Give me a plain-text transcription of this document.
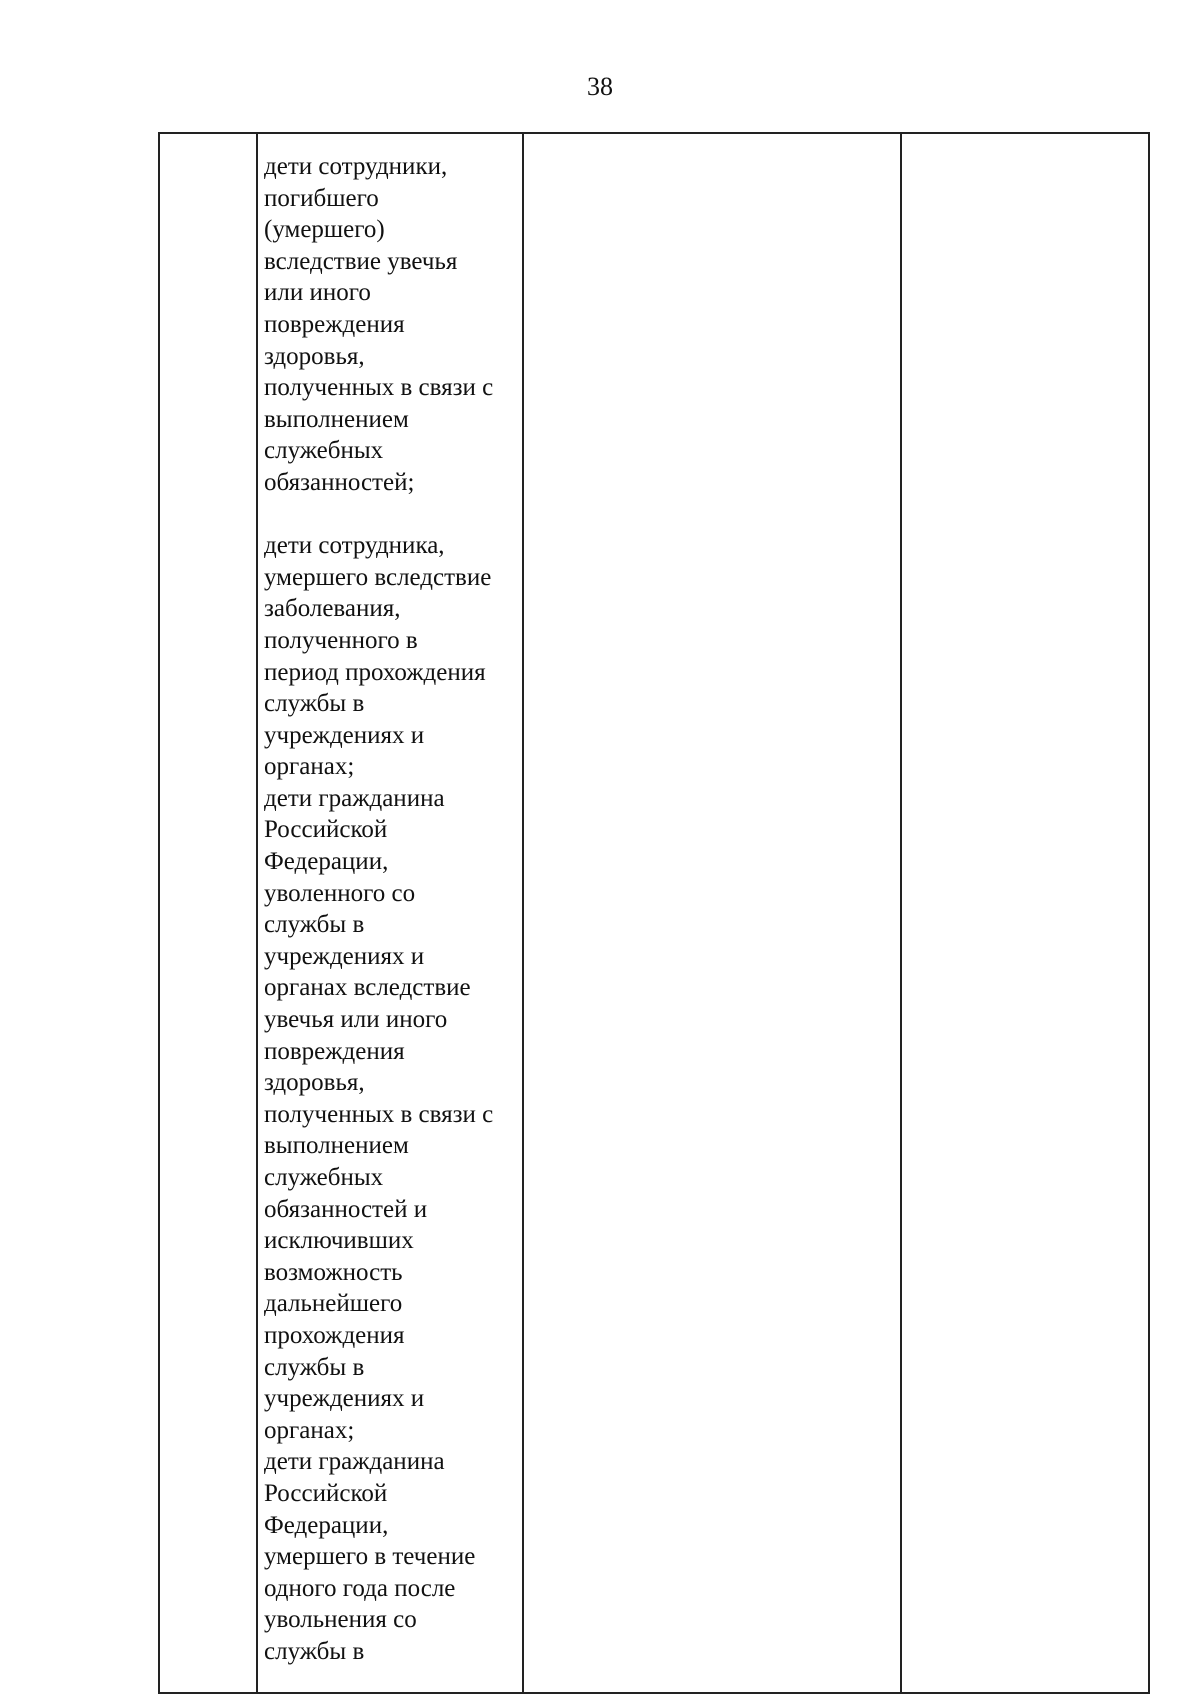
38

дети сотрудники,
погибшего
(умершего)
вследствие увечья
или иного
повреждения
здоровья,
полученных в связи с
выполнением
служебных
обязанностей;

дети сотрудника,
умершего вследствие
заболевания,
полученного в
период прохождения
службы в
учреждениях и
органах;
дети гражданина
Российской
Федерации,
уволенного со
службы в
учреждениях и
органах вследствие
увечья или иного
повреждения
здоровья,
полученных в связи с
выполнением
служебных
обязанностей и
исключивших
возможность
дальнейшего
прохождения
службы в
учреждениях и
органах;
дети гражданина
Российской
Федерации,
умершего в течение
одного года после
увольнения со
службы в
